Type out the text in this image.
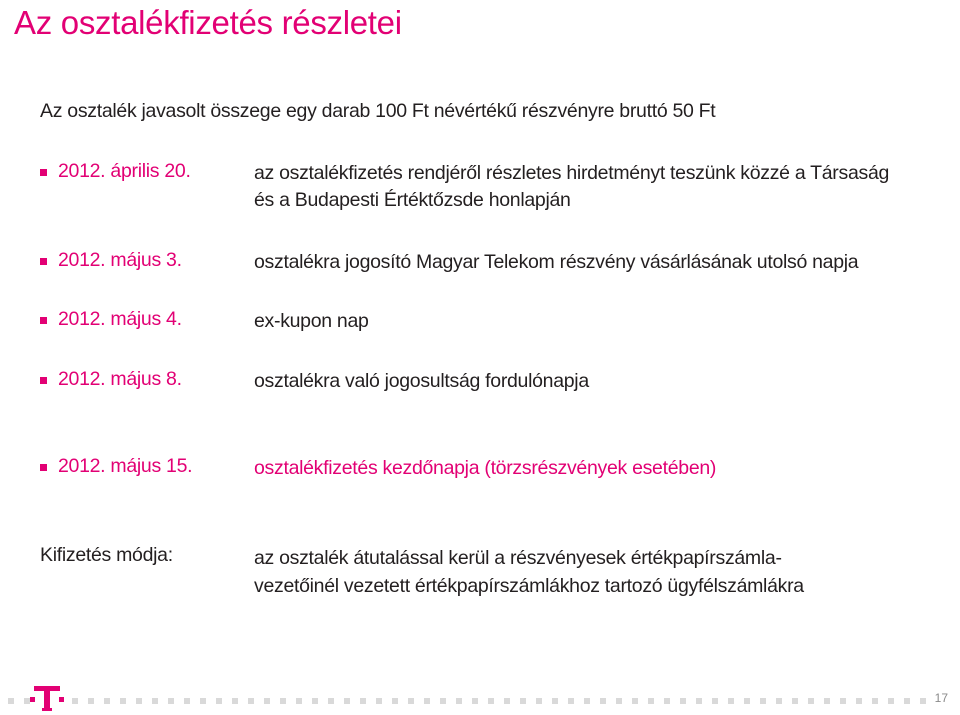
Az osztalékfizetés részletei
Az osztalék javasolt összege egy darab 100 Ft névértékű részvényre bruttó 50 Ft
2012. április 20.	az osztalékfizetés rendjéről részletes hirdetményt teszünk közzé a Társaság
és a Budapesti Értéktőzsde honlapján
2012. május 3.	osztalékra jogosító Magyar Telekom részvény vásárlásának utolsó napja
2012. május 4.	ex-kupon nap
2012. május 8.	osztalékra való jogosultság fordulónapja
2012. május 15.	osztalékfizetés kezdőnapja (törzsrészvények esetében)
Kifizetés módja:	az osztalék átutalással kerül a részvényesek értékpapírszámla-
vezetőinél vezetett értékpapírszámlákhoz tartozó ügyfélszámlákra
17
